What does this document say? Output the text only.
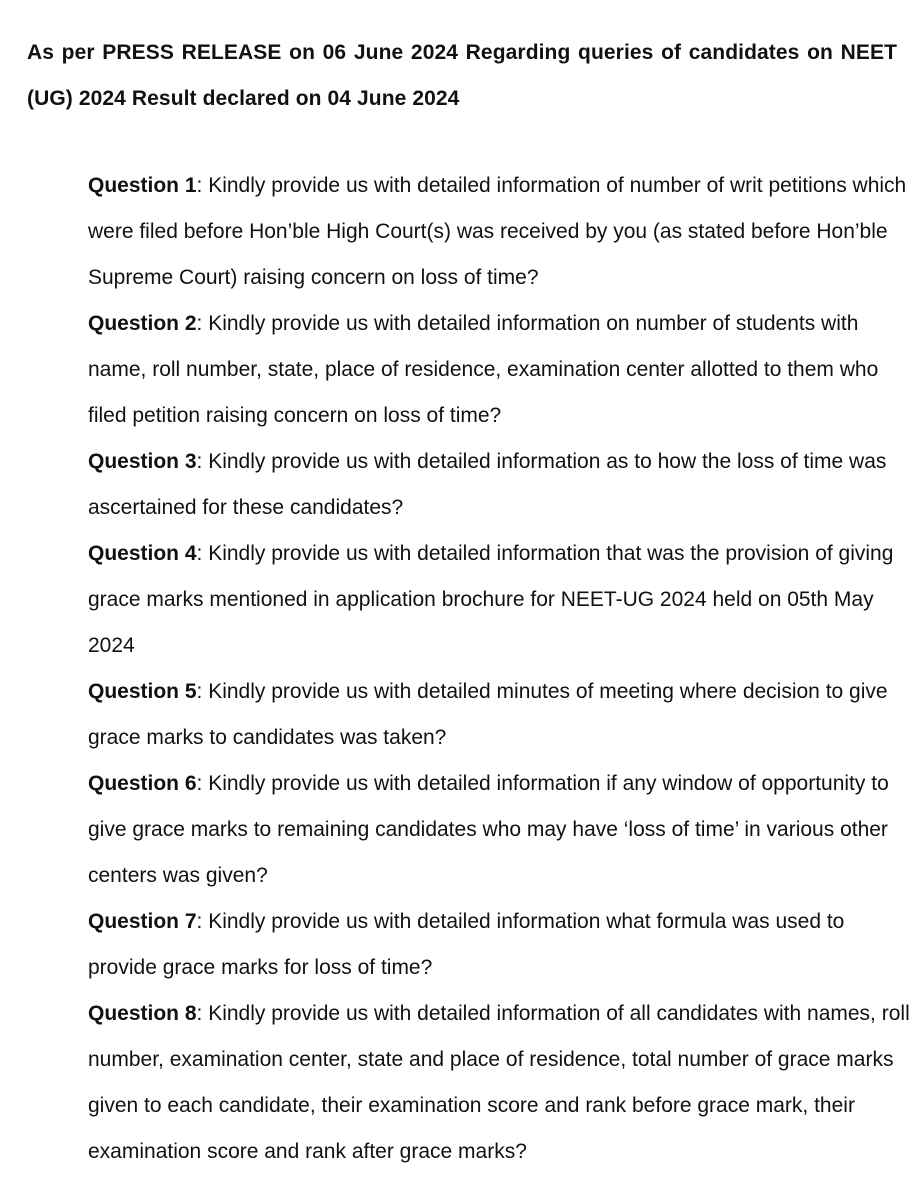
As per PRESS RELEASE on 06 June 2024 Regarding queries of candidates on NEET (UG) 2024 Result declared on 04 June 2024

Question 1: Kindly provide us with detailed information of number of writ petitions which were filed before Hon’ble High Court(s) was received by you (as stated before Hon’ble Supreme Court) raising concern on loss of time?

Question 2: Kindly provide us with detailed information on number of students with name, roll number, state, place of residence, examination center allotted to them who filed petition raising concern on loss of time?

Question 3: Kindly provide us with detailed information as to how the loss of time was ascertained for these candidates?

Question 4: Kindly provide us with detailed information that was the provision of giving grace marks mentioned in application brochure for NEET-UG 2024 held on 05th May 2024

Question 5: Kindly provide us with detailed minutes of meeting where decision to give grace marks to candidates was taken?

Question 6: Kindly provide us with detailed information if any window of opportunity to give grace marks to remaining candidates who may have ‘loss of time’ in various other centers was given?

Question 7: Kindly provide us with detailed information what formula was used to provide grace marks for loss of time?

Question 8: Kindly provide us with detailed information of all candidates with names, roll number, examination center, state and place of residence, total number of grace marks given to each candidate, their examination score and rank before grace mark, their examination score and rank after grace marks?
